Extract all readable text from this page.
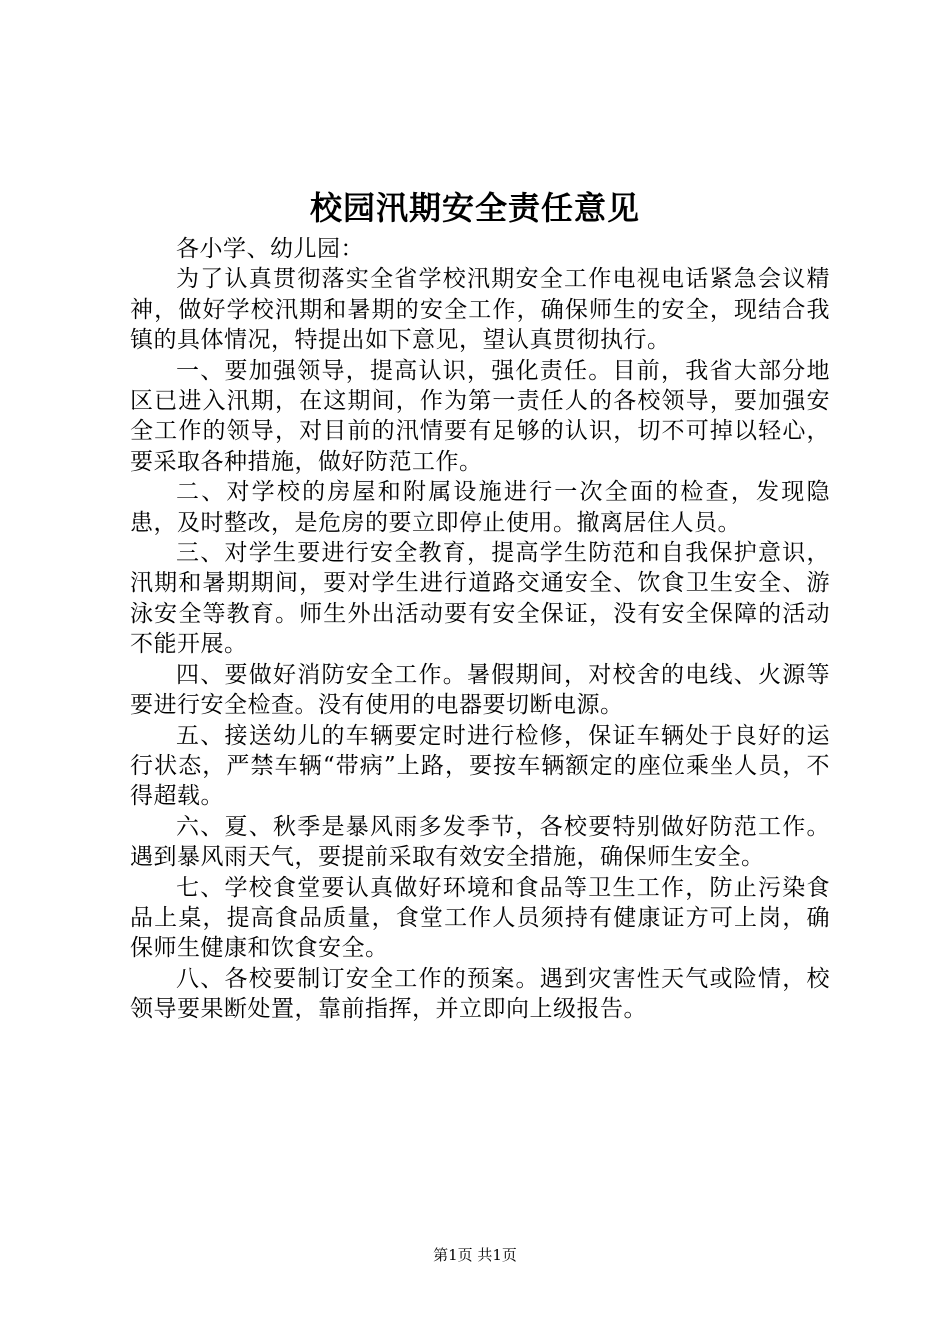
校园汛期安全责任意见

各小学、幼儿园：

为了认真贯彻落实全省学校汛期安全工作电视电话紧急会议精神，做好学校汛期和暑期的安全工作，确保师生的安全，现结合我镇的具体情况，特提出如下意见，望认真贯彻执行。

一、要加强领导，提高认识，强化责任。目前，我省大部分地区已进入汛期，在这期间，作为第一责任人的各校领导，要加强安全工作的领导，对目前的汛情要有足够的认识，切不可掉以轻心，要采取各种措施，做好防范工作。

二、对学校的房屋和附属设施进行一次全面的检查，发现隐患，及时整改，是危房的要立即停止使用。撤离居住人员。

三、对学生要进行安全教育，提高学生防范和自我保护意识，汛期和暑期期间，要对学生进行道路交通安全、饮食卫生安全、游泳安全等教育。师生外出活动要有安全保证，没有安全保障的活动不能开展。

四、要做好消防安全工作。暑假期间，对校舍的电线、火源等要进行安全检查。没有使用的电器要切断电源。

五、接送幼儿的车辆要定时进行检修，保证车辆处于良好的运行状态，严禁车辆“带病”上路，要按车辆额定的座位乘坐人员，不得超载。

六、夏、秋季是暴风雨多发季节，各校要特别做好防范工作。遇到暴风雨天气，要提前采取有效安全措施，确保师生安全。

七、学校食堂要认真做好环境和食品等卫生工作，防止污染食品上桌，提高食品质量，食堂工作人员须持有健康证方可上岗，确保师生健康和饮食安全。

八、各校要制订安全工作的预案。遇到灾害性天气或险情，校领导要果断处置，靠前指挥，并立即向上级报告。

第1页 共1页
